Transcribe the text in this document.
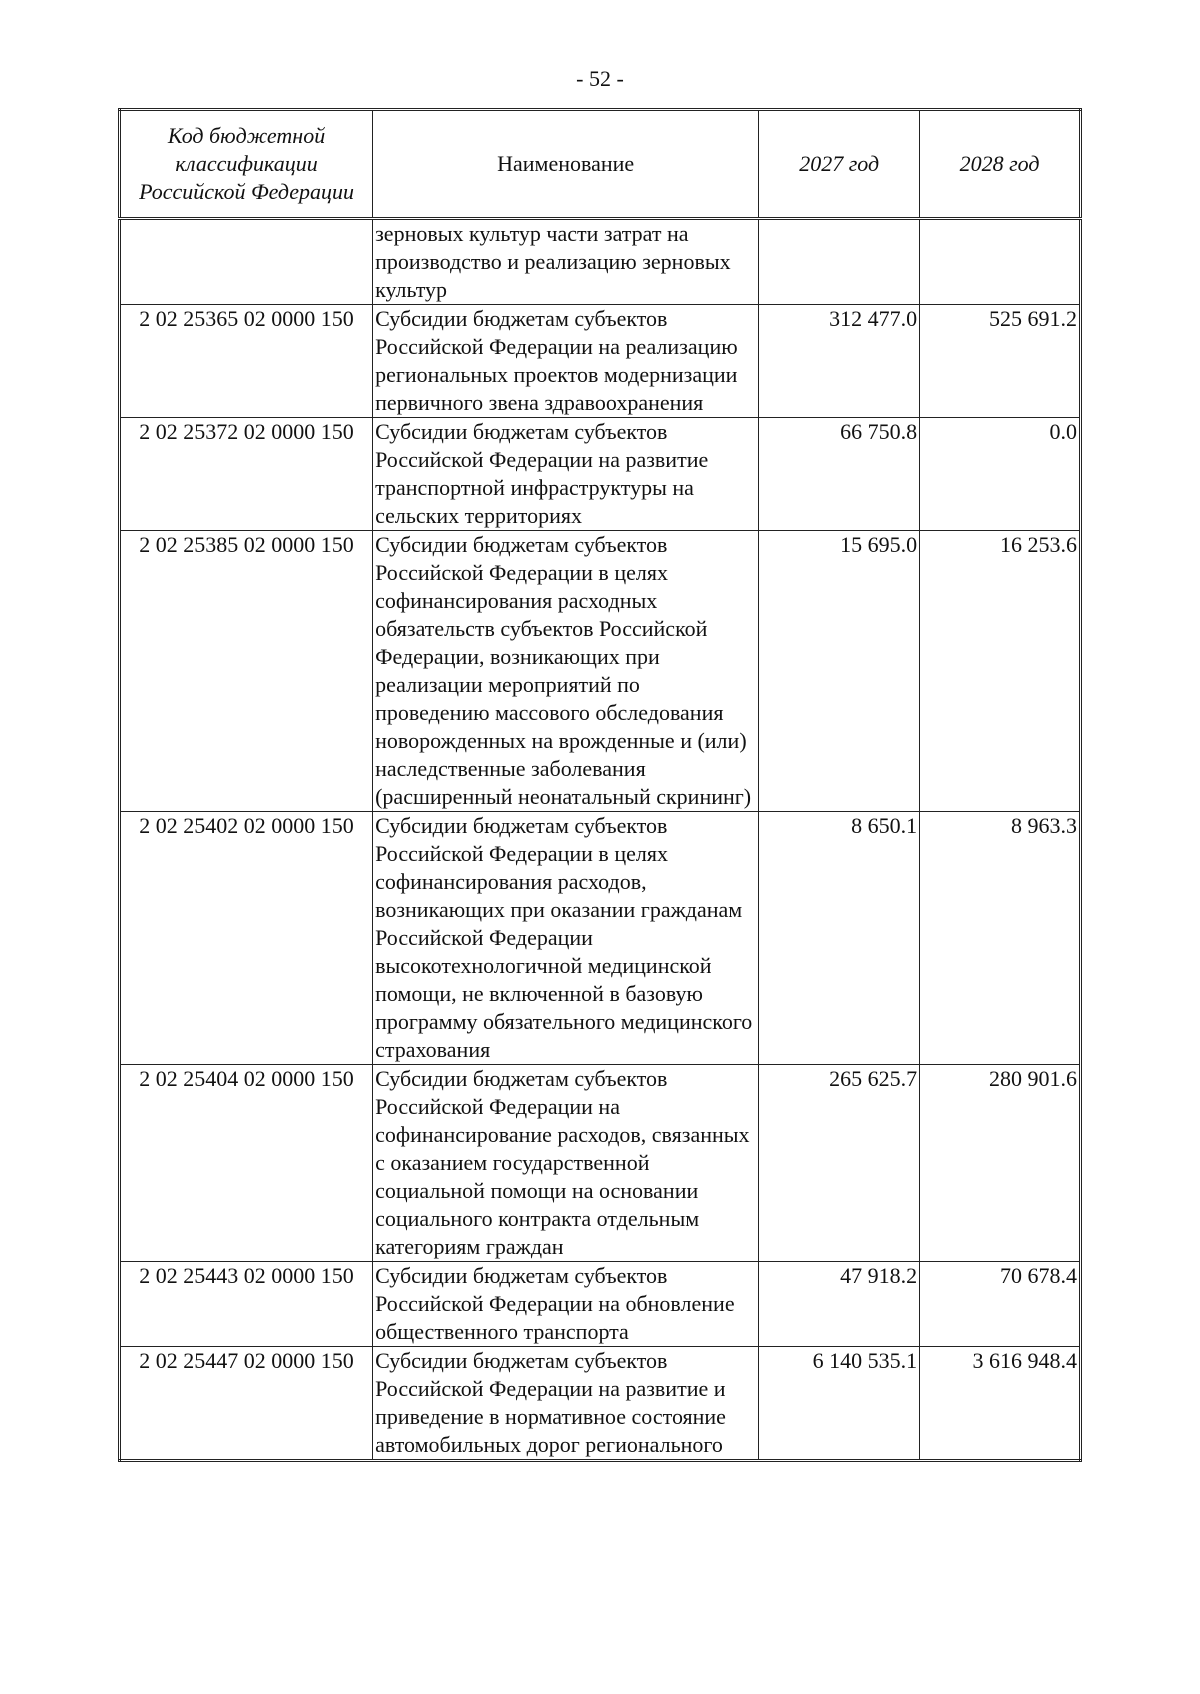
- 52 -
Код бюджетной классификации Российской Федерации	Наименование	2027 год	2028 год
	зерновых культур части затрат на производство и реализацию зерновых культур		
2 02 25365 02 0000 150	Субсидии бюджетам субъектов Российской Федерации на реализацию региональных проектов модернизации первичного звена здравоохранения	312 477.0	525 691.2
2 02 25372 02 0000 150	Субсидии бюджетам субъектов Российской Федерации на развитие транспортной инфраструктуры на сельских территориях	66 750.8	0.0
2 02 25385 02 0000 150	Субсидии бюджетам субъектов Российской Федерации в целях софинансирования расходных обязательств субъектов Российской Федерации, возникающих при реализации мероприятий по проведению массового обследования новорожденных на врожденные и (или) наследственные заболевания (расширенный неонатальный скрининг)	15 695.0	16 253.6
2 02 25402 02 0000 150	Субсидии бюджетам субъектов Российской Федерации в целях софинансирования расходов, возникающих при оказании гражданам Российской Федерации высокотехнологичной медицинской помощи, не включенной в базовую программу обязательного медицинского страхования	8 650.1	8 963.3
2 02 25404 02 0000 150	Субсидии бюджетам субъектов Российской Федерации на софинансирование расходов, связанных с оказанием государственной социальной помощи на основании социального контракта отдельным категориям граждан	265 625.7	280 901.6
2 02 25443 02 0000 150	Субсидии бюджетам субъектов Российской Федерации на обновление общественного транспорта	47 918.2	70 678.4
2 02 25447 02 0000 150	Субсидии бюджетам субъектов Российской Федерации на развитие и приведение в нормативное состояние автомобильных дорог регионального	6 140 535.1	3 616 948.4
